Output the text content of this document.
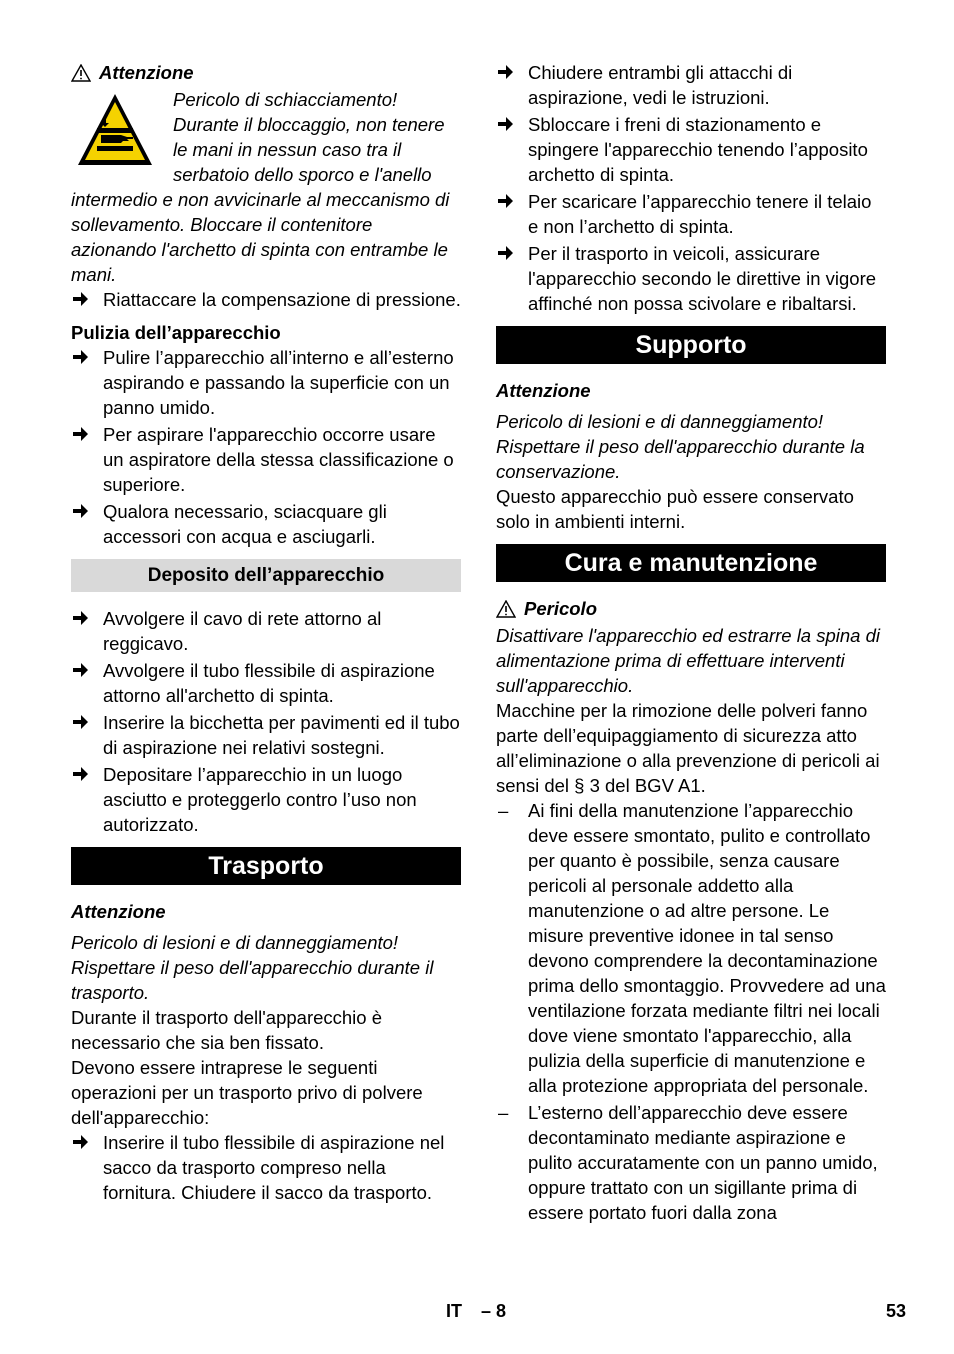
Attenzione

Pericolo di schiacciamento! Durante il bloccaggio, non tenere le mani in nessun caso tra il serbatoio dello sporco e l'anello intermedio e non avvicinarle al meccanismo di sollevamento. Bloccare il contenitore azionando l'archetto di spinta con entrambe le mani.

Riattaccare la compensazione di pressione.

Pulizia dell’apparecchio

Pulire l’apparecchio all’interno e all’esterno aspirando e passando la superficie con un panno umido.
Per aspirare l'apparecchio occorre usare un aspiratore della stessa classificazione o superiore.
Qualora necessario, sciacquare gli accessori con acqua e asciugarli.
Deposito dell’apparecchio
Avvolgere il cavo di rete attorno al reggicavo.
Avvolgere il tubo flessibile di aspirazione attorno all'archetto di spinta.
Inserire la bicchetta per pavimenti ed il tubo di aspirazione nei relativi sostegni.
Depositare l’apparecchio in un luogo asciutto e proteggerlo contro l’uso non autorizzato.
Trasporto

Attenzione

Pericolo di lesioni e di danneggiamento! Rispettare il peso dell'apparecchio durante il trasporto.

Durante il trasporto dell'apparecchio è necessario che sia ben fissato.

Devono essere intraprese le seguenti operazioni per un trasporto privo di polvere dell'apparecchio:

Inserire il tubo flessibile di aspirazione nel sacco da trasporto compreso nella fornitura. Chiudere il sacco da trasporto.
Chiudere entrambi gli attacchi di aspirazione, vedi le istruzioni.
Sbloccare i freni di stazionamento e spingere l'apparecchio tenendo l’apposito archetto di spinta.
Per scaricare l’apparecchio tenere il telaio e non l’archetto di spinta.
Per il trasporto in veicoli, assicurare l'apparecchio secondo le direttive in vigore affinché non possa scivolare e ribaltarsi.
Supporto

Attenzione

Pericolo di lesioni e di danneggiamento! Rispettare il peso dell'apparecchio durante la conservazione.

Questo apparecchio può essere conservato solo in ambienti interni.

Cura e manutenzione
Pericolo

Disattivare l'apparecchio ed estrarre la spina di alimentazione prima di effettuare interventi sull'apparecchio.

Macchine per la rimozione delle polveri fanno parte dell’equipaggiamento di sicurezza atto all’eliminazione o alla prevenzione di pericoli ai sensi del § 3 del BGV A1.

– Ai fini della manutenzione l’apparecchio deve essere smontato, pulito e controllato per quanto è possibile, senza causare pericoli al personale addetto alla manutenzione o ad altre persone. Le misure preventive idonee in tal senso devono comprendere la decontaminazione prima dello smontaggio. Provvedere ad una ventilazione forzata mediante filtri nei locali dove viene smontato l'apparecchio, alla pulizia della superficie di manutenzione e alla protezione appropriata del personale.
– L’esterno dell’apparecchio deve essere decontaminato mediante aspirazione e pulito accuratamente con un panno umido, oppure trattato con un sigillante prima di essere portato fuori dalla zona
IT – 8	53
